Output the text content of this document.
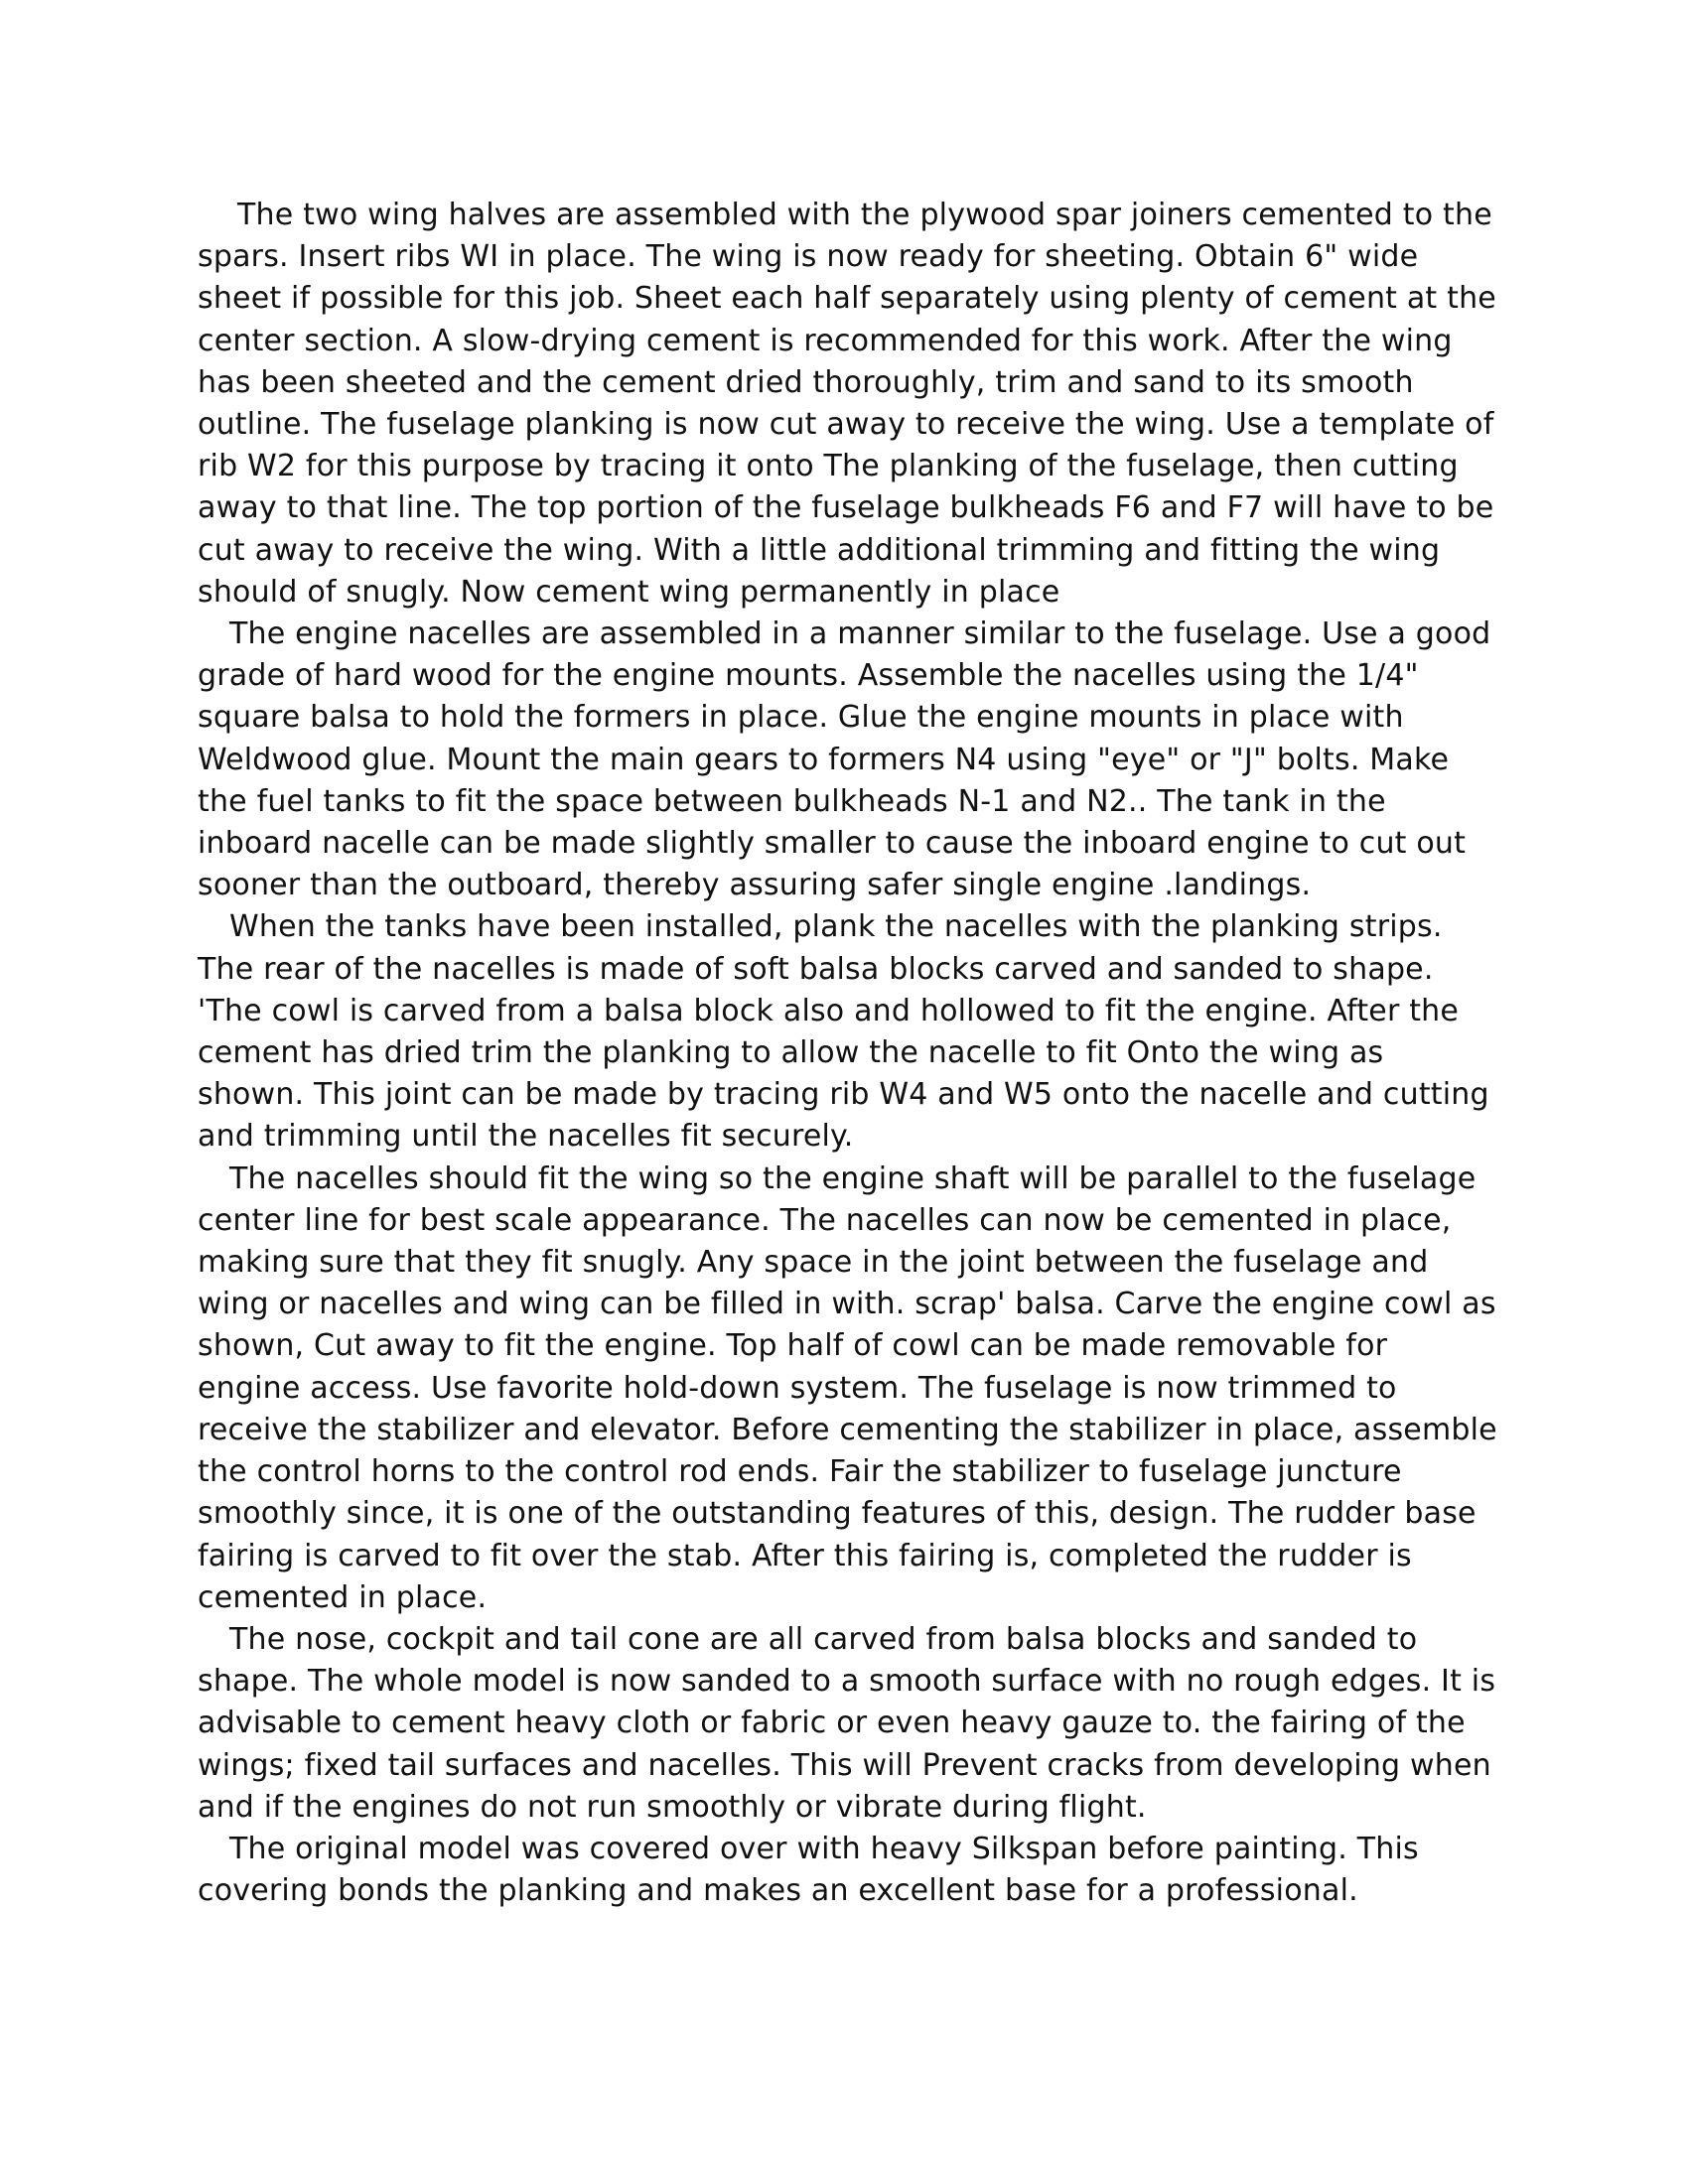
The two wing halves are assembled with the plywood spar joiners cemented to the spars. Insert ribs WI in place. The wing is now ready for sheeting. Obtain 6" wide sheet if possible for this job. Sheet each half separately using plenty of cement at the center section. A slow-drying cement is recommended for this work. After the wing has been sheeted and the cement dried thoroughly, trim and sand to its smooth outline. The fuselage planking is now cut away to receive the wing. Use a template of rib W2 for this purpose by tracing it onto The planking of the fuselage, then cutting away to that line. The top portion of the fuselage bulkheads F6 and F7 will have to be cut away to receive the wing. With a little additional trimming and fitting the wing should of snugly. Now cement wing permanently in place

The engine nacelles are assembled in a manner similar to the fuselage. Use a good grade of hard wood for the engine mounts. Assemble the nacelles using the 1/4" square balsa to hold the formers in place. Glue the engine mounts in place with Weldwood glue. Mount the main gears to formers N4 using "eye" or "J" bolts. Make the fuel tanks to fit the space between bulkheads N-1 and N2.. The tank in the inboard nacelle can be made slightly smaller to cause the inboard engine to cut out sooner than the outboard, thereby assuring safer single engine .landings.

When the tanks have been installed, plank the nacelles with the planking strips. The rear of the nacelles is made of soft balsa blocks carved and sanded to shape. 'The cowl is carved from a balsa block also and hollowed to fit the engine. After the cement has dried trim the planking to allow the nacelle to fit Onto the wing as shown. This joint can be made by tracing rib W4 and W5 onto the nacelle and cutting and trimming until the nacelles fit securely.

The nacelles should fit the wing so the engine shaft will be parallel to the fuselage center line for best scale appearance. The nacelles can now be cemented in place, making sure that they fit snugly. Any space in the joint between the fuselage and wing or nacelles and wing can be filled in with. scrap' balsa. Carve the engine cowl as shown, Cut away to fit the engine. Top half of cowl can be made removable for engine access. Use favorite hold-down system. The fuselage is now trimmed to receive the stabilizer and elevator. Before cementing the stabilizer in place, assemble the control horns to the control rod ends. Fair the stabilizer to fuselage juncture smoothly since, it is one of the outstanding features of this, design. The rudder base fairing is carved to fit over the stab. After this fairing is, completed the rudder is cemented in place.

The nose, cockpit and tail cone are all carved from balsa blocks and sanded to shape. The whole model is now sanded to a smooth surface with no rough edges. It is advisable to cement heavy cloth or fabric or even heavy gauze to. the fairing of the wings; fixed tail surfaces and nacelles. This will Prevent cracks from developing when and if the engines do not run smoothly or vibrate during flight.

The original model was covered over with heavy Silkspan before painting. This covering bonds the planking and makes an excellent base for a professional.
